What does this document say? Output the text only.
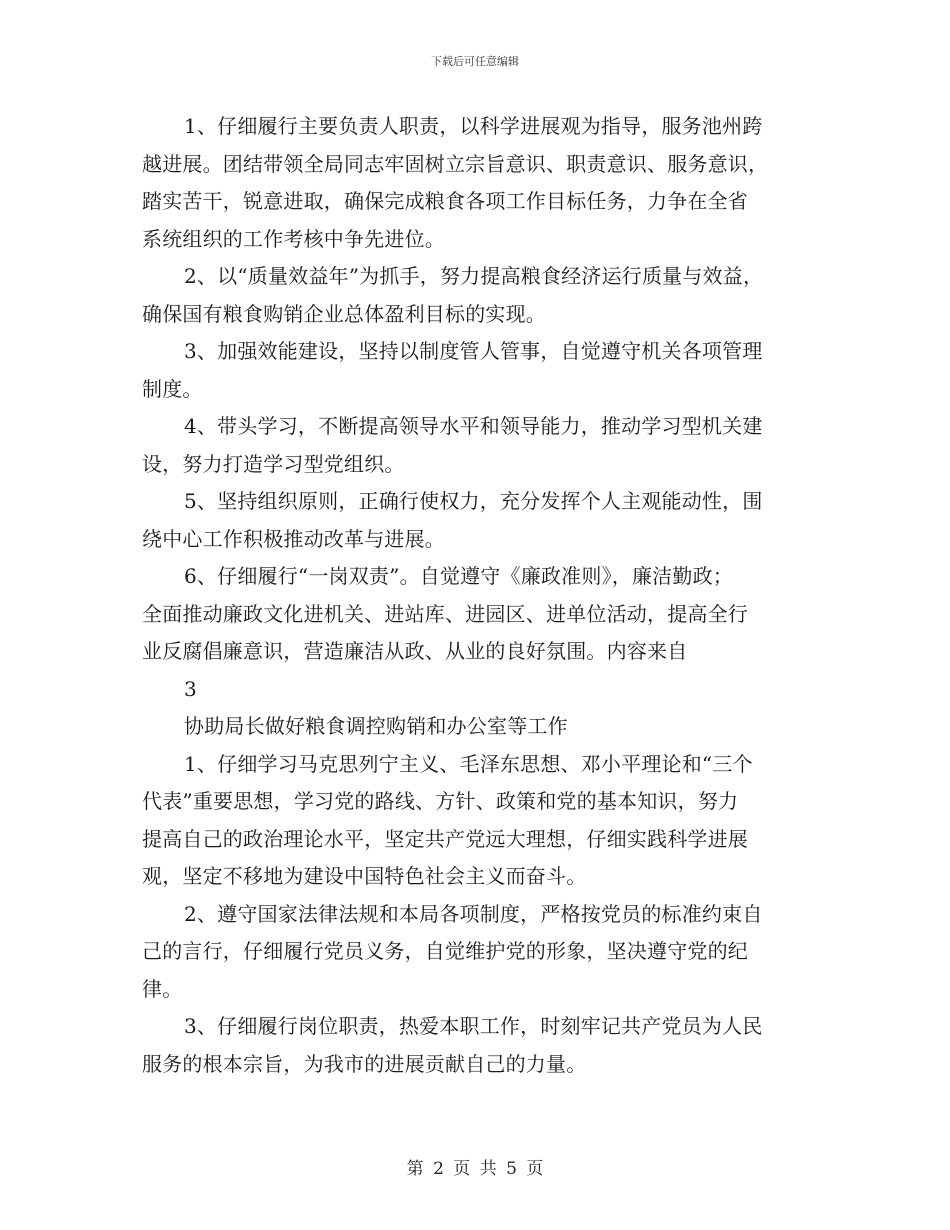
下载后可任意编辑
1、仔细履行主要负责人职责，以科学进展观为指导，服务池州跨
越进展。团结带领全局同志牢固树立宗旨意识、职责意识、服务意识，
踏实苦干，锐意进取，确保完成粮食各项工作目标任务，力争在全省
系统组织的工作考核中争先进位。
2、以“质量效益年”为抓手，努力提高粮食经济运行质量与效益，
确保国有粮食购销企业总体盈利目标的实现。
3、加强效能建设，坚持以制度管人管事，自觉遵守机关各项管理
制度。
4、带头学习，不断提高领导水平和领导能力，推动学习型机关建
设，努力打造学习型党组织。
5、坚持组织原则，正确行使权力，充分发挥个人主观能动性，围
绕中心工作积极推动改革与进展。
6、仔细履行“一岗双责”。自觉遵守《廉政准则》，廉洁勤政；
全面推动廉政文化进机关、进站库、进园区、进单位活动，提高全行
业反腐倡廉意识，营造廉洁从政、从业的良好氛围。内容来自
3
协助局长做好粮食调控购销和办公室等工作
1、仔细学习马克思列宁主义、毛泽东思想、邓小平理论和“三个
代表”重要思想，学习党的路线、方针、政策和党的基本知识，努力
提高自己的政治理论水平，坚定共产党远大理想，仔细实践科学进展
观，坚定不移地为建设中国特色社会主义而奋斗。
2、遵守国家法律法规和本局各项制度，严格按党员的标准约束自
己的言行，仔细履行党员义务，自觉维护党的形象，坚决遵守党的纪
律。
3、仔细履行岗位职责，热爱本职工作，时刻牢记共产党员为人民
服务的根本宗旨，为我市的进展贡献自己的力量。
第 2 页 共 5 页
